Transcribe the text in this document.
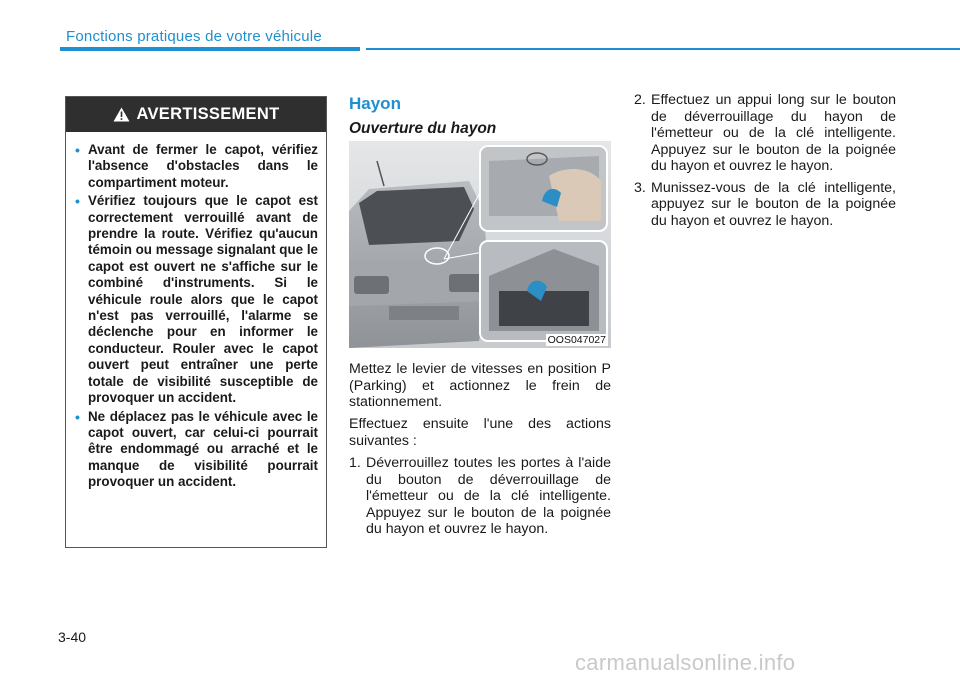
Fonctions pratiques de votre véhicule
AVERTISSEMENT
• Avant de fermer le capot, vérifiez l'absence d'obstacles dans le compartiment moteur.
• Vérifiez toujours que le capot est correctement verrouillé avant de prendre la route. Vérifiez qu'aucun témoin ou message signalant que le capot est ouvert ne s'affiche sur le combiné d'instruments. Si le véhicule roule alors que le capot n'est pas verrouillé, l'alarme se déclenche pour en informer le conducteur. Rouler avec le capot ouvert peut entraîner une perte totale de visibilité susceptible de provoquer un accident.
• Ne déplacez pas le véhicule avec le capot ouvert, car celui-ci pourrait être endommagé ou arraché et le manque de visibilité pourrait provoquer un accident.
Hayon
Ouverture du hayon
OOS047027
Mettez le levier de vitesses en position P (Parking) et actionnez le frein de stationnement.
Effectuez ensuite l'une des actions suivantes :
1. Déverrouillez toutes les portes à l'aide du bouton de déverrouillage de l'émetteur ou de la clé intelligente. Appuyez sur le bouton de la poignée du hayon et ouvrez le hayon.
2. Effectuez un appui long sur le bouton de déverrouillage du hayon de l'émetteur ou de la clé intelligente. Appuyez sur le bouton de la poignée du hayon et ouvrez le hayon.
3. Munissez-vous de la clé intelligente, appuyez sur le bouton de la poignée du hayon et ouvrez le hayon.
3-40
carmanualsonline.info
